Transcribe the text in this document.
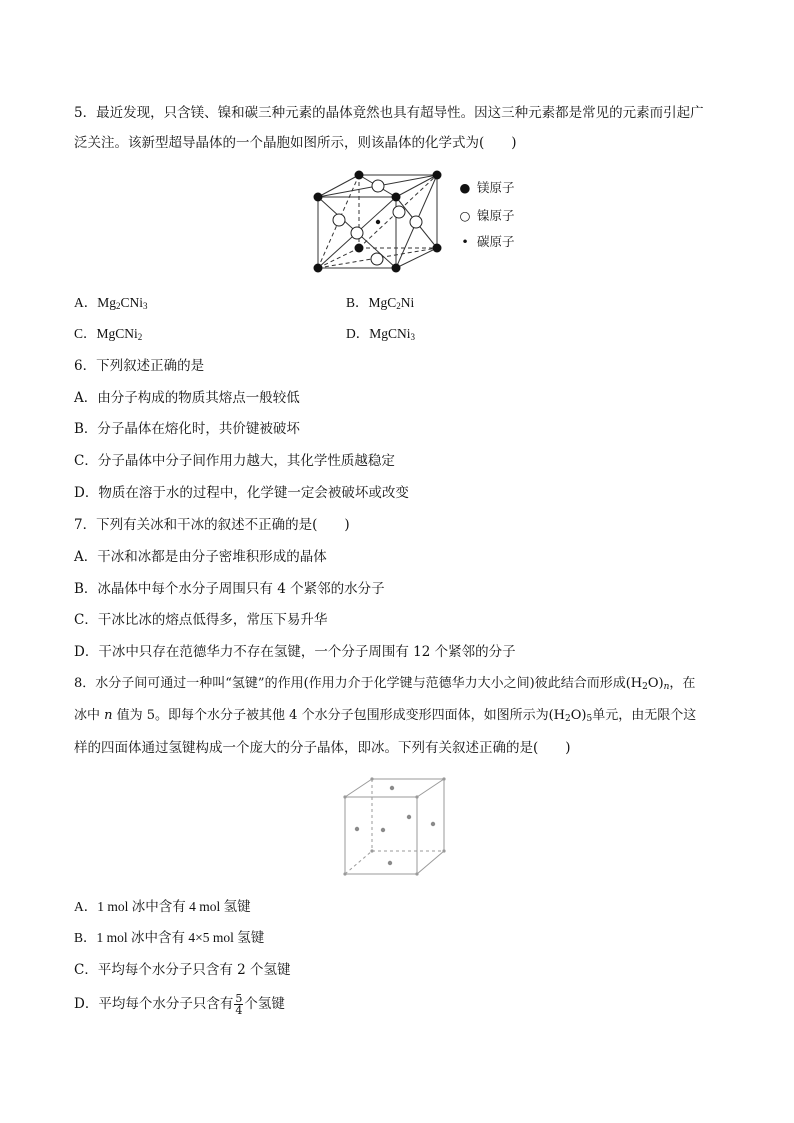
5．最近发现，只含镁、镍和碳三种元素的晶体竟然也具有超导性。因这三种元素都是常见的元素而引起广
泛关注。该新型超导晶体的一个晶胞如图所示，则该晶体的化学式为(　　)
● 镁原子
○ 镍原子
• 碳原子
A．$Mg_2CNi_3$	B．MgC$_2$Ni
C．MgCNi$_2$	D．MgCNi$_3$
6．下列叙述正确的是
A．由分子构成的物质其熔点一般较低
B．分子晶体在熔化时，共价键被破坏
C．分子晶体中分子间作用力越大，其化学性质越稳定
D．物质在溶于水的过程中，化学键一定会被破坏或改变
7．下列有关冰和干冰的叙述不正确的是(　　)
A．干冰和冰都是由分子密堆积形成的晶体
B．冰晶体中每个水分子周围只有 4 个紧邻的水分子
C．干冰比冰的熔点低得多，常压下易升华
D．干冰中只存在范德华力不存在氢键，一个分子周围有 12 个紧邻的分子
8．水分子间可通过一种叫“氢键”的作用(作用力介于化学键与范德华力大小之间)彼此结合而形成$(H_2O)_n$，在
冰中 n 值为 5。即每个水分子被其他 4 个水分子包围形成变形四面体，如图所示为$(H_2O)_5$单元，由无限个这
样的四面体通过氢键构成一个庞大的分子晶体，即冰。下列有关叙述正确的是(　　)
A．1 mol 冰中含有 4 mol 氢键
B．1 mol 冰中含有 4×5 mol 氢键
C．平均每个水分子只含有 2 个氢键
D．平均每个水分子只含有 $\frac{5}{4}$ 个氢键
